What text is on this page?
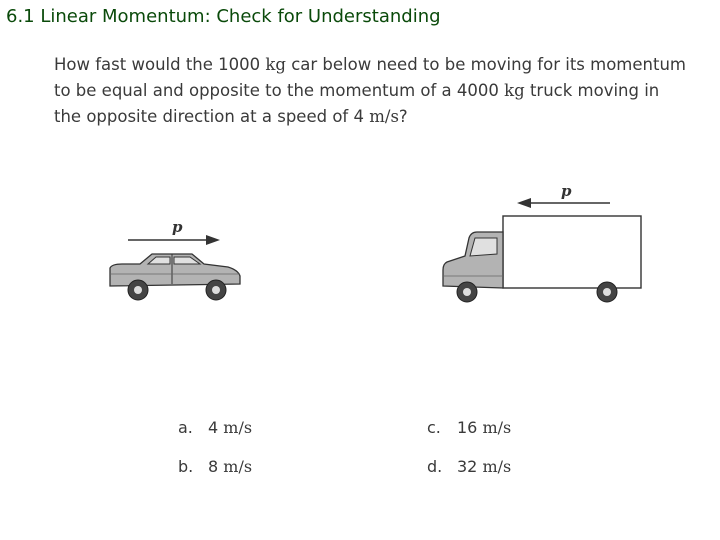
6.1 Linear Momentum: Check for Understanding
How fast would the 1000 kg car below need to be moving for its momentum
to be equal and opposite to the momentum of a 4000 kg truck moving in
the opposite direction at a speed of 4 m/s?
p
p
a. 4 m/s
b. 8 m/s
c. 16 m/s
d. 32 m/s
